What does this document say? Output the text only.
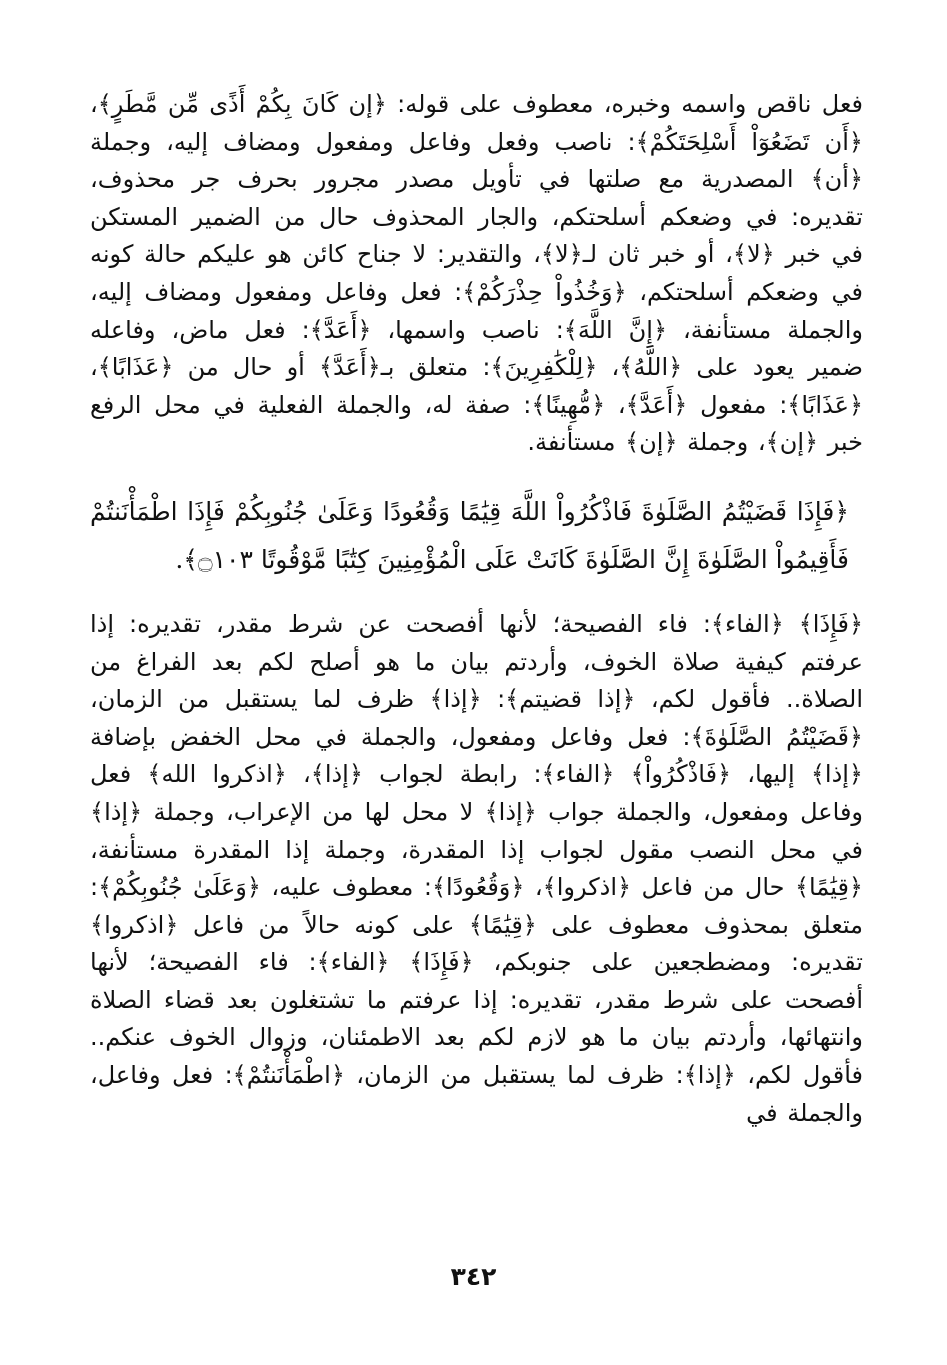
فعل ناقص واسمه وخبره، معطوف على قوله: ﴿إن كَانَ بِكُمْ أَذًى مِّن مَّطَرٍ﴾، ﴿أَن تَضَعُوٓاْ أَسْلِحَتَكُمْ﴾: ناصب وفعل وفاعل ومفعول ومضاف إليه، وجملة ﴿أن﴾ المصدرية مع صلتها في تأويل مصدر مجرور بحرف جر محذوف، تقديره: في وضعكم أسلحتكم، والجار المحذوف حال من الضمير المستكن في خبر ﴿لا﴾، أو خبر ثان لـ﴿لا﴾، والتقدير: لا جناح كائن هو عليكم حالة كونه في وضعكم أسلحتكم، ﴿وَخُذُواْ حِذْرَكُمْ﴾: فعل وفاعل ومفعول ومضاف إليه، والجملة مستأنفة، ﴿إِنَّ اللَّهَ﴾: ناصب واسمها، ﴿أَعَدَّ﴾: فعل ماض، وفاعله ضمير يعود على ﴿اللَّهُ﴾، ﴿لِلْكَٰفِرِينَ﴾: متعلق بـ﴿أَعَدَّ﴾ أو حال من ﴿عَذَابًا﴾، ﴿عَذَابًا﴾: مفعول ﴿أَعَدَّ﴾، ﴿مُّهِينًا﴾: صفة له، والجملة الفعلية في محل الرفع خبر ﴿إن﴾، وجملة ﴿إن﴾ مستأنفة.

﴿فَإِذَا قَضَيْتُمُ الصَّلَوٰةَ فَاذْكُرُواْ اللَّهَ قِيَٰمًا وَقُعُودًا وَعَلَىٰ جُنُوبِكُمْ فَإِذَا اطْمَأْنَنتُمْ فَأَقِيمُواْ الصَّلَوٰةَ إِنَّ الصَّلَوٰةَ كَانَتْ عَلَى الْمُؤْمِنِينَ كِتَٰبًا مَّوْقُوتًا ۝١٠٣﴾.

﴿فَإِذَا﴾ ﴿الفاء﴾: فاء الفصيحة؛ لأنها أفصحت عن شرط مقدر، تقديره: إذا عرفتم كيفية صلاة الخوف، وأردتم بيان ما هو أصلح لكم بعد الفراغ من الصلاة.. فأقول لكم، ﴿إذا قضيتم﴾: ﴿إذا﴾ ظرف لما يستقبل من الزمان، ﴿قَضَيْتُمُ الصَّلَوٰةَ﴾: فعل وفاعل ومفعول، والجملة في محل الخفض بإضافة ﴿إذا﴾ إليها، ﴿فَاذْكُرُواْ﴾ ﴿الفاء﴾: رابطة لجواب ﴿إذا﴾، ﴿اذكروا الله﴾ فعل وفاعل ومفعول، والجملة جواب ﴿إذا﴾ لا محل لها من الإعراب، وجملة ﴿إذا﴾ في محل النصب مقول لجواب إذا المقدرة، وجملة إذا المقدرة مستأنفة، ﴿قِيَٰمًا﴾ حال من فاعل ﴿اذكروا﴾، ﴿وَقُعُودًا﴾: معطوف عليه، ﴿وَعَلَىٰ جُنُوبِكُمْ﴾: متعلق بمحذوف معطوف على ﴿قِيَٰمًا﴾ على كونه حالاً من فاعل ﴿اذكروا﴾ تقديره: ومضطجعين على جنوبكم، ﴿فَإِذَا﴾ ﴿الفاء﴾: فاء الفصيحة؛ لأنها أفصحت على شرط مقدر، تقديره: إذا عرفتم ما تشتغلون بعد قضاء الصلاة وانتهائها، وأردتم بيان ما هو لازم لكم بعد الاطمئنان، وزوال الخوف عنكم.. فأقول لكم، ﴿إذا﴾: ظرف لما يستقبل من الزمان، ﴿اطْمَأْنَنتُمْ﴾: فعل وفاعل، والجملة في

٣٤٢
